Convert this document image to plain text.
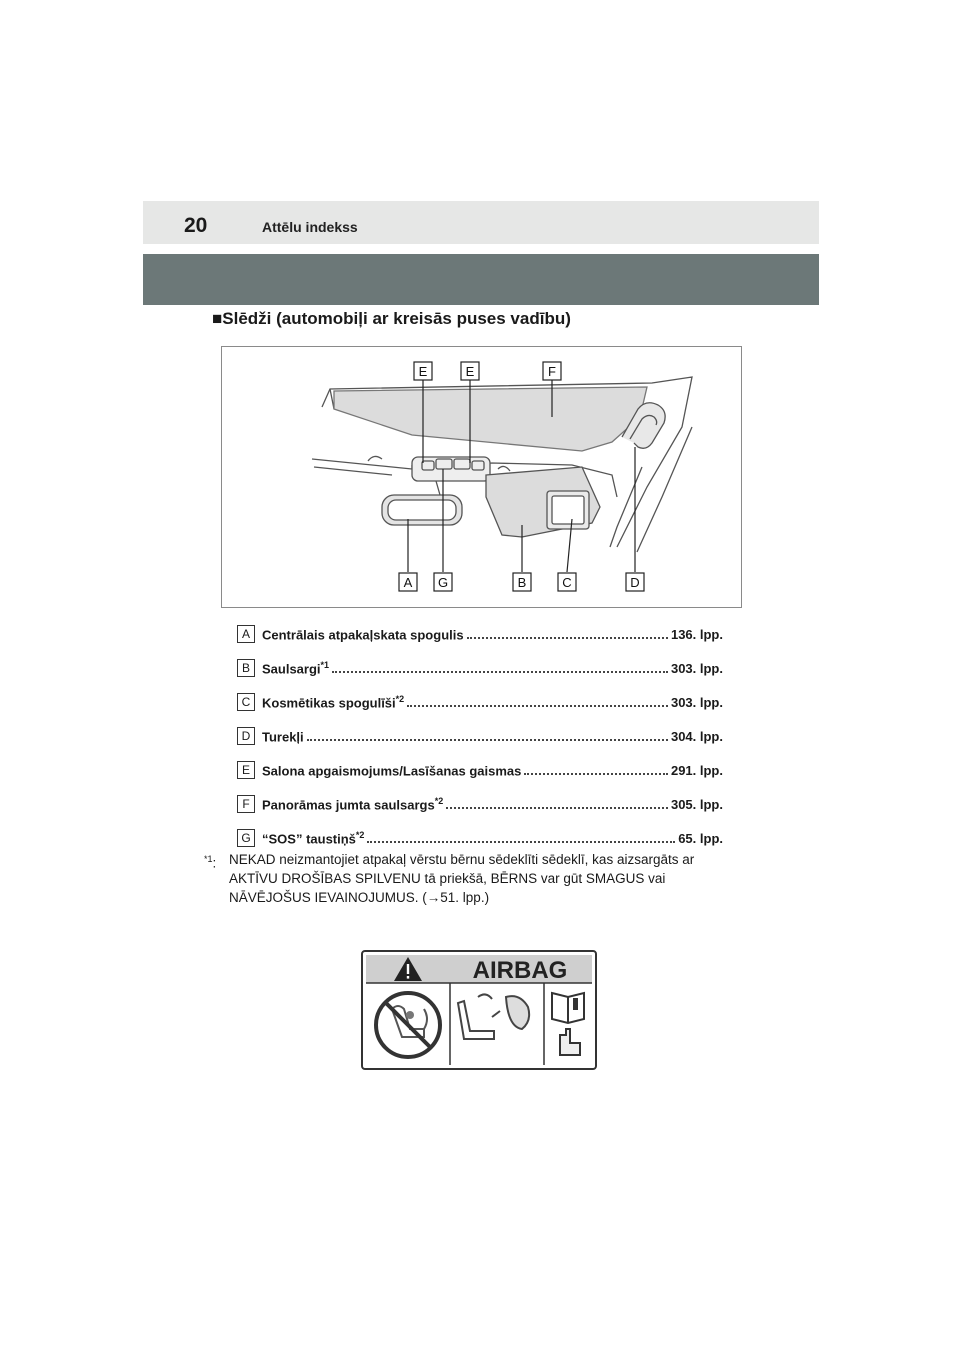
20	Attēlu indekss
■Slēdži (automobiļi ar kreisās puses vadību)
E	E	F
A G	B	C	D
A Centrālais atpakaļskata spogulis	136. lpp.
B Saulsargi$^{*1}$	303. lpp.
C Kosmētikas spogulīši$^{*2}$	303. lpp.
D Turekļi	304. lpp.
E Salona apgaismojums/Lasīšanas gaismas	291. lpp.
F Panorāmas jumta saulsargs$^{*2}$	305. lpp.
G “SOS” taustiņš$^{*2}$	65. lpp.
$^{*1}$: NEKAD neizmantojiet atpakaļ vērstu bērnu sēdeklīti sēdeklī, kas aizsargāts ar AKTĪVU DROŠĪBAS SPILVENU tā priekšā, BĒRNS var gūt SMAGUS vai NĀVĒJOŠUS IEVAINOJUMUS. (→51. lpp.)
AIRBAG
